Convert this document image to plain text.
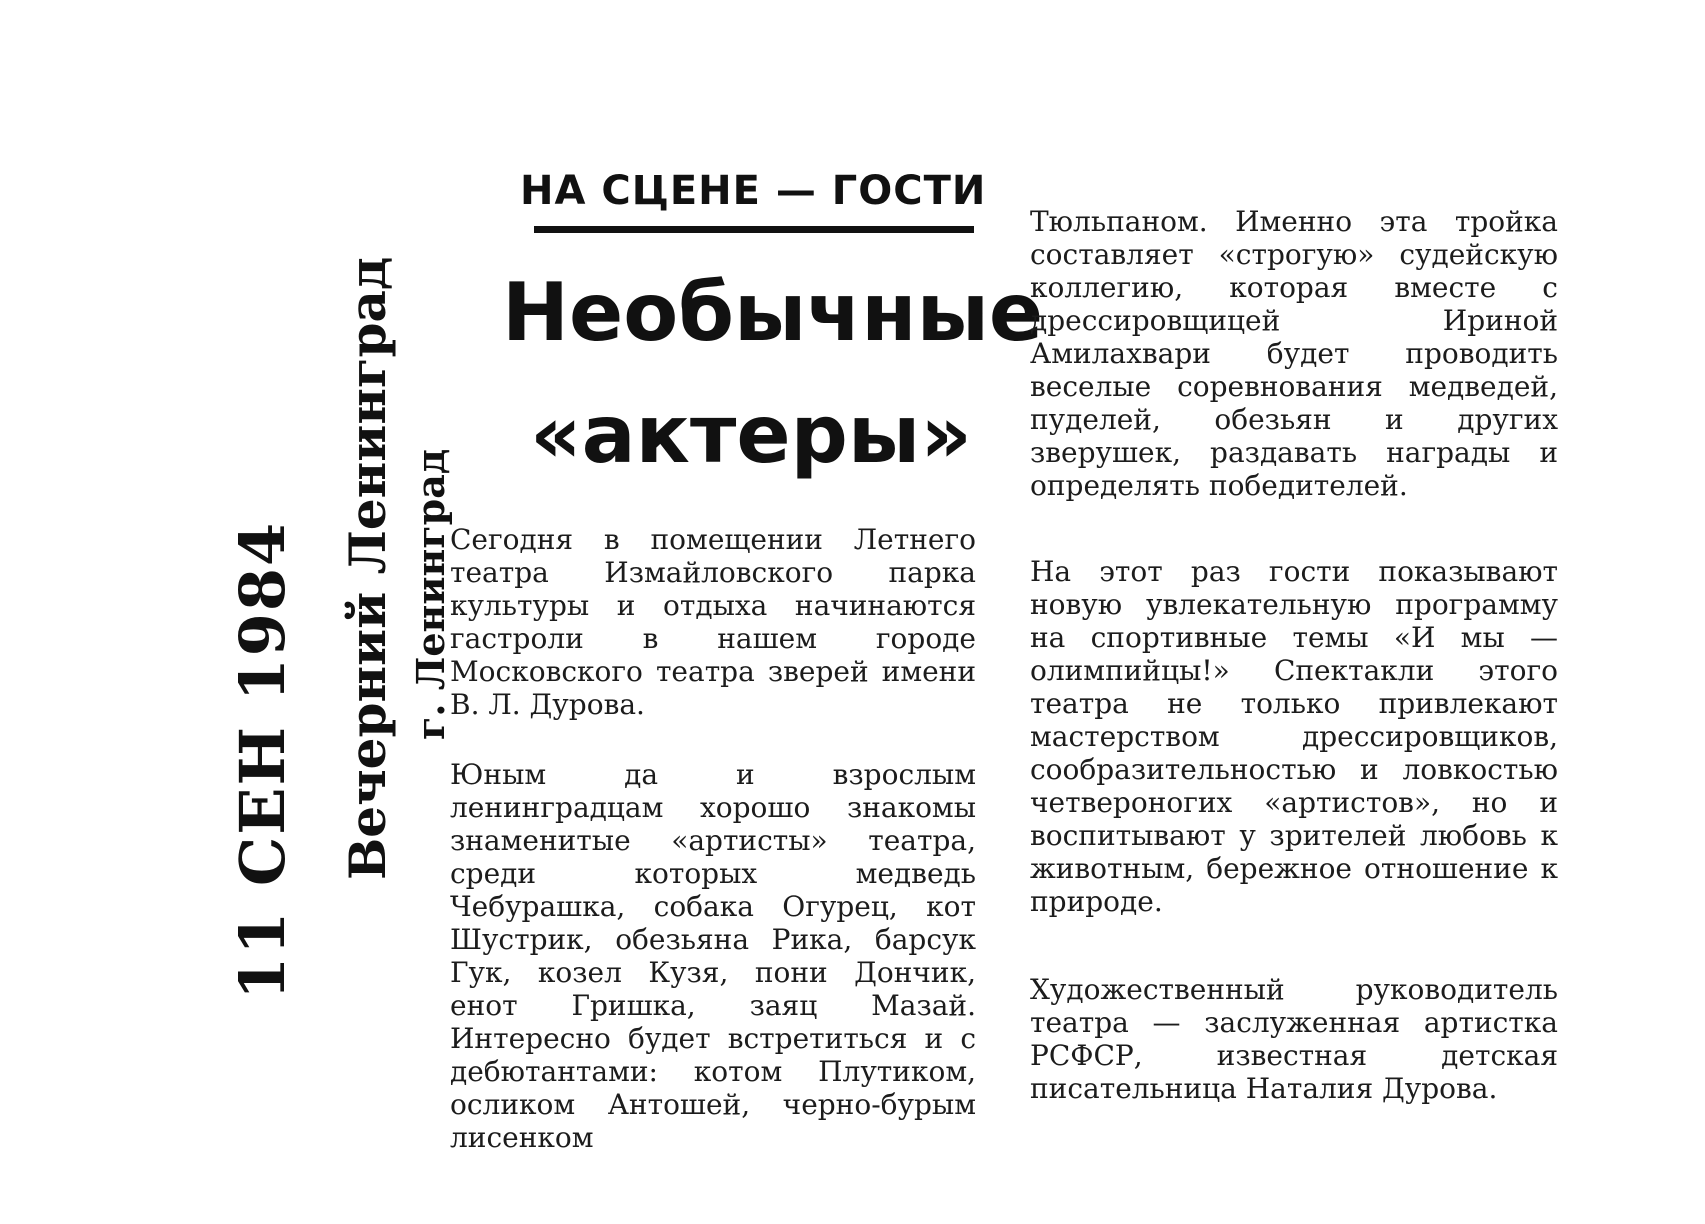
11 СЕН 1984 Вечерний Ленинград г. Ленинград
НА СЦЕНЕ — ГОСТИ
Необычные
«актеры»

Сегодня в помещении Летнего театра Измайловского парка культуры и отдыха начинаются гастроли в нашем городе Московского театра зверей имени В. Л. Дурова.

Юным да и взрослым ленинградцам хорошо знакомы знаменитые «артисты» театра, среди которых медведь Чебурашка, собака Огурец, кот Шустрик, обезьяна Рика, барсук Гук, козел Кузя, пони Дончик, енот Гришка, заяц Мазай. Интересно будет встретиться и с дебютантами: котом Плутиком, осликом Антошей, черно-бурым лисенком

Тюльпаном. Именно эта тройка составляет «строгую» судейскую коллегию, которая вместе с дрессировщицей Ириной Амилахвари будет проводить веселые соревнования медведей, пуделей, обезьян и других зверушек, раздавать награды и определять победителей.

На этот раз гости показывают новую увлекательную программу на спортивные темы «И мы — олимпийцы!» Спектакли этого театра не только привлекают мастерством дрессировщиков, сообразительностью и ловкостью четвероногих «артистов», но и воспитывают у зрителей любовь к животным, бережное отношение к природе.

Художественный руководитель театра — заслуженная артистка РСФСР, известная детская писательница Наталия Дурова.
